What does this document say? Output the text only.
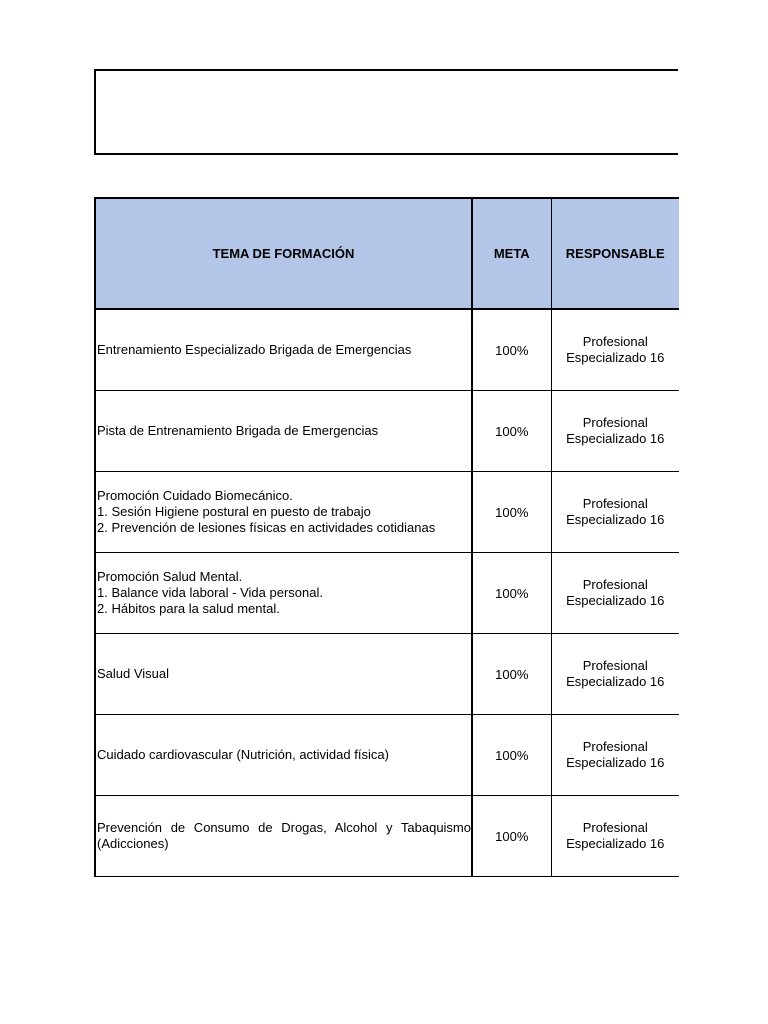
TEMA DE FORMACIÓN	META	RESPONSABLE
Entrenamiento Especializado Brigada de Emergencias	100%	Profesional Especializado 16
Pista de Entrenamiento Brigada de Emergencias	100%	Profesional Especializado 16
Promoción Cuidado Biomecánico.
1. Sesión Higiene postural en puesto de trabajo
2. Prevención de lesiones físicas en actividades cotidianas	100%	Profesional Especializado 16
Promoción Salud Mental.
1. Balance vida laboral - Vida personal.
2. Hábitos para la salud mental.	100%	Profesional Especializado 16
Salud Visual	100%	Profesional Especializado 16
Cuidado cardiovascular (Nutrición, actividad física)	100%	Profesional Especializado 16
Prevención de Consumo de Drogas, Alcohol y Tabaquismo (Adicciones)	100%	Profesional Especializado 16
